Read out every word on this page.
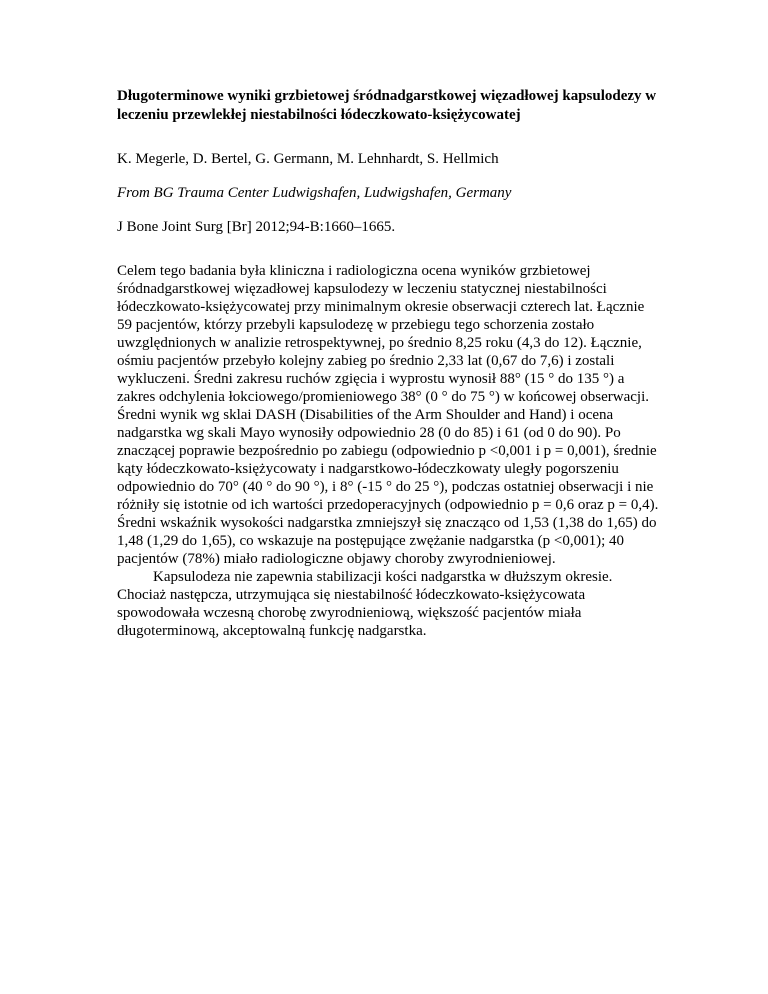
Długoterminowe wyniki grzbietowej śródnadgarstkowej więzadłowej kapsulodezy w leczeniu przewlekłej niestabilności łódeczkowato-księżycowatej

K. Megerle, D. Bertel, G. Germann, M. Lehnhardt, S. Hellmich

From BG Trauma Center Ludwigshafen, Ludwigshafen, Germany

J Bone Joint Surg [Br] 2012;94-B:1660–1665.

Celem tego badania była kliniczna i radiologiczna ocena wyników grzbietowej śródnadgarstkowej więzadłowej kapsulodezy w leczeniu statycznej niestabilności łódeczkowato-księżycowatej przy minimalnym okresie obserwacji czterech lat. Łącznie 59 pacjentów, którzy przebyli kapsulodezę w przebiegu tego schorzenia zostało uwzględnionych w analizie retrospektywnej, po średnio 8,25 roku (4,3 do 12). Łącznie, ośmiu pacjentów przebyło kolejny zabieg po średnio 2,33 lat (0,67 do 7,6) i zostali wykluczeni. Średni zakresu ruchów zgięcia i wyprostu wynosił 88° (15 ° do 135 °) a zakres odchylenia łokciowego/promieniowego 38° (0 ° do 75 °) w końcowej obserwacji. Średni wynik wg sklai DASH (Disabilities of the Arm Shoulder and Hand) i ocena nadgarstka wg skali Mayo wynosiły odpowiednio 28 (0 do 85) i 61 (od 0 do 90). Po znaczącej poprawie bezpośrednio po zabiegu (odpowiednio p <0,001 i p = 0,001), średnie kąty łódeczkowato-księżycowaty i nadgarstkowo-łódeczkowaty uległy pogorszeniu odpowiednio do 70° (40 ° do 90 °), i 8° (-15 ° do 25 °), podczas ostatniej obserwacji i nie różniły się istotnie od ich wartości przedoperacyjnych (odpowiednio p = 0,6 oraz p = 0,4). Średni wskaźnik wysokości nadgarstka zmniejszył się znacząco od 1,53 (1,38 do 1,65) do 1,48 (1,29 do 1,65), co wskazuje na postępujące zwężanie nadgarstka (p <0,001); 40 pacjentów (78%) miało radiologiczne objawy choroby zwyrodnieniowej.

Kapsulodeza nie zapewnia stabilizacji kości nadgarstka w dłuższym okresie. Chociaż następcza, utrzymująca się niestabilność łódeczkowato-księżycowata spowodowała wczesną chorobę zwyrodnieniową, większość pacjentów miała długoterminową, akceptowalną funkcję nadgarstka.
